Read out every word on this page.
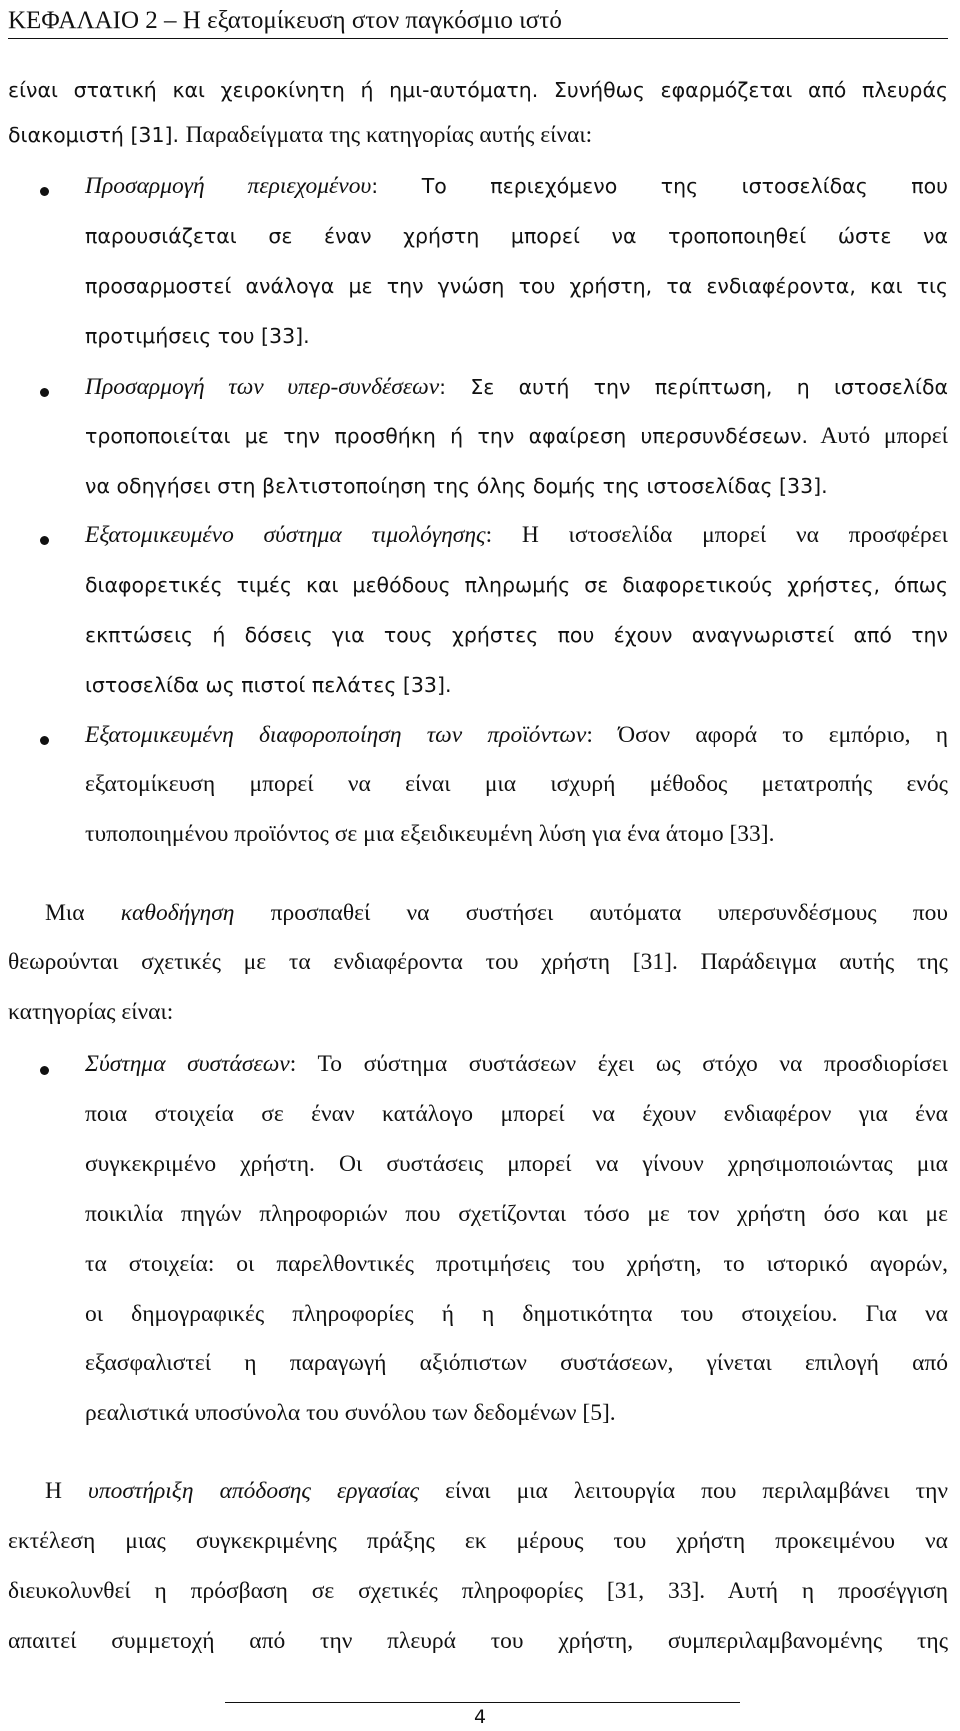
ΚΕΦΑΛΑΙΟ 2 – Η εξατομίκευση στον παγκόσμιο ιστό
είναι στατική και χειροκίνητη ή ημι-αυτόματη. Συνήθως εφαρμόζεται από πλευράς
διακομιστή [31]. Παραδείγματα της κατηγορίας αυτής είναι:
Προσαρμογή περιεχομένου: Το περιεχόμενο της ιστοσελίδας που
παρουσιάζεται σε έναν χρήστη μπορεί να τροποποιηθεί ώστε να
προσαρμοστεί ανάλογα με την γνώση του χρήστη, τα ενδιαφέροντα, και τις
προτιμήσεις του [33].
Προσαρμογή των υπερ-συνδέσεων: Σε αυτή την περίπτωση, η ιστοσελίδα
τροποποιείται με την προσθήκη ή την αφαίρεση υπερσυνδέσεων. Αυτό μπορεί
να οδηγήσει στη βελτιστοποίηση της όλης δομής της ιστοσελίδας [33].
Εξατομικευμένο σύστημα τιμολόγησης: Η ιστοσελίδα μπορεί να προσφέρει
διαφορετικές τιμές και μεθόδους πληρωμής σε διαφορετικούς χρήστες, όπως
εκπτώσεις ή δόσεις για τους χρήστες που έχουν αναγνωριστεί από την
ιστοσελίδα ως πιστοί πελάτες [33].
Εξατομικευμένη διαφοροποίηση των προϊόντων: Όσον αφορά το εμπόριο, η
εξατομίκευση μπορεί να είναι μια ισχυρή μέθοδος μετατροπής ενός
τυποποιημένου προϊόντος σε μια εξειδικευμένη λύση για ένα άτομο [33].
Μια καθοδήγηση προσπαθεί να συστήσει αυτόματα υπερσυνδέσμους που
θεωρούνται σχετικές με τα ενδιαφέροντα του χρήστη [31]. Παράδειγμα αυτής της
κατηγορίας είναι:
Σύστημα συστάσεων: Το σύστημα συστάσεων έχει ως στόχο να προσδιορίσει
ποια στοιχεία σε έναν κατάλογο μπορεί να έχουν ενδιαφέρον για ένα
συγκεκριμένο χρήστη. Οι συστάσεις μπορεί να γίνουν χρησιμοποιώντας μια
ποικιλία πηγών πληροφοριών που σχετίζονται τόσο με τον χρήστη όσο και με
τα στοιχεία: οι παρελθοντικές προτιμήσεις του χρήστη, το ιστορικό αγορών,
οι δημογραφικές πληροφορίες ή η δημοτικότητα του στοιχείου. Για να
εξασφαλιστεί η παραγωγή αξιόπιστων συστάσεων, γίνεται επιλογή από
ρεαλιστικά υποσύνολα του συνόλου των δεδομένων [5].
Η υποστήριξη απόδοσης εργασίας είναι μια λειτουργία που περιλαμβάνει την
εκτέλεση μιας συγκεκριμένης πράξης εκ μέρους του χρήστη προκειμένου να
διευκολυνθεί η πρόσβαση σε σχετικές πληροφορίες [31, 33]. Αυτή η προσέγγιση
απαιτεί συμμετοχή από την πλευρά του χρήστη, συμπεριλαμβανομένης της
4
